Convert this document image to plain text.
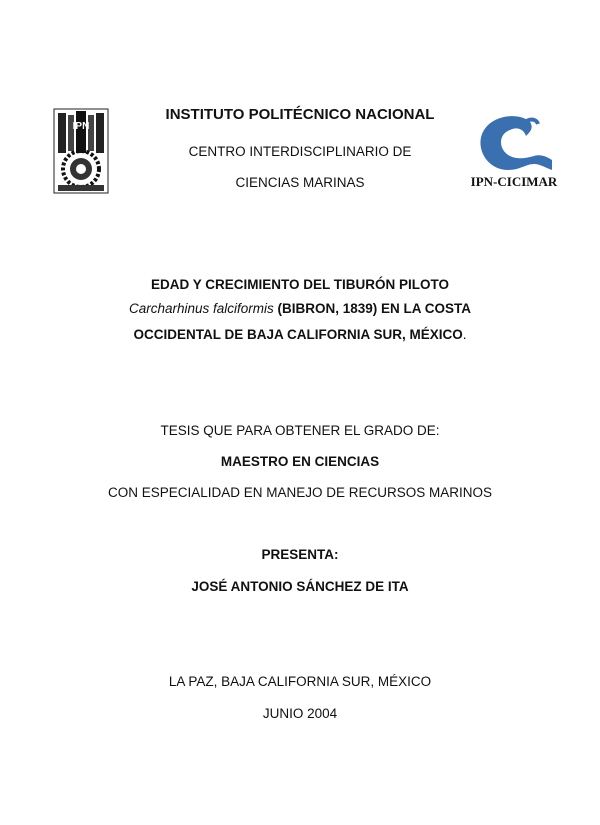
IPN
INSTITUTO POLITÉCNICO NACIONAL
CENTRO INTERDISCIPLINARIO DE
CIENCIAS MARINAS	IPN-CICIMAR
EDAD Y CRECIMIENTO DEL TIBURÓN PILOTO
Carcharhinus falciformis (BIBRON, 1839) EN LA COSTA
OCCIDENTAL DE BAJA CALIFORNIA SUR, MÉXICO.
TESIS QUE PARA OBTENER EL GRADO DE:
MAESTRO EN CIENCIAS
CON ESPECIALIDAD EN MANEJO DE RECURSOS MARINOS
PRESENTA:
JOSÉ ANTONIO SÁNCHEZ DE ITA
LA PAZ, BAJA CALIFORNIA SUR, MÉXICO
JUNIO 2004
